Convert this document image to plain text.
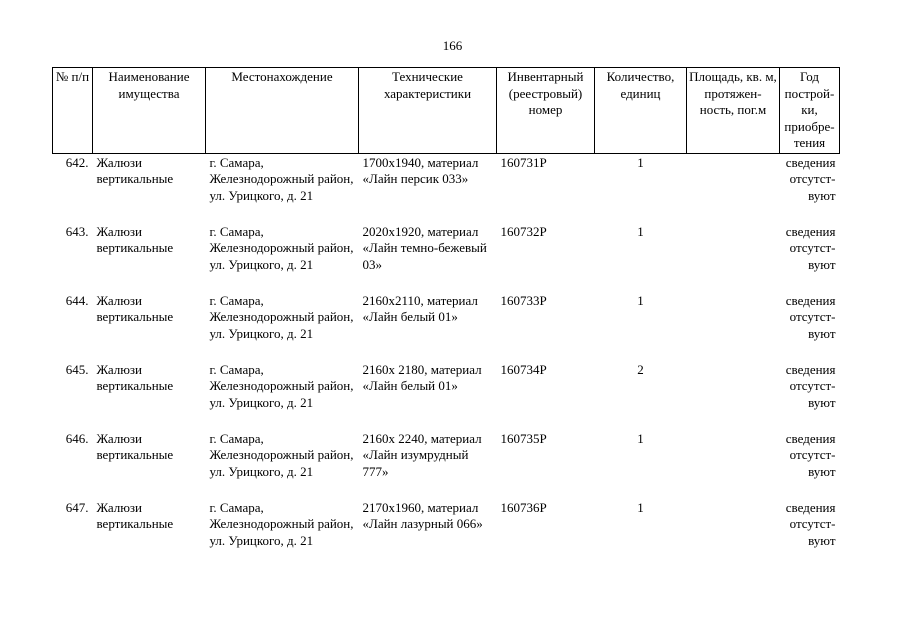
166
№ п/п	Наименование имущества	Местонахождение	Технические характеристики	Инвентарный (реестровый) номер	Количество, единиц	Площадь, кв. м, протяжен-ность, пог.м	Год построй-ки, приобре-тения
642.	Жалюзи вертикальные	г. Самара, Железнодорожный район, ул. Урицкого, д. 21	1700х1940, материал «Лайн персик 033»	160731Р	1		сведения отсутст-вуют
643.	Жалюзи вертикальные	г. Самара, Железнодорожный район, ул. Урицкого, д. 21	2020х1920, материал «Лайн темно-бежевый 03»	160732Р	1		сведения отсутст-вуют
644.	Жалюзи вертикальные	г. Самара, Железнодорожный район, ул. Урицкого, д. 21	2160х2110, материал «Лайн белый 01»	160733Р	1		сведения отсутст-вуют
645.	Жалюзи вертикальные	г. Самара, Железнодорожный район, ул. Урицкого, д. 21	2160х 2180, материал «Лайн белый 01»	160734Р	2		сведения отсутст-вуют
646.	Жалюзи вертикальные	г. Самара, Железнодорожный район, ул. Урицкого, д. 21	2160х 2240, материал «Лайн изумрудный 777»	160735Р	1		сведения отсутст-вуют
647.	Жалюзи вертикальные	г. Самара, Железнодорожный район, ул. Урицкого, д. 21	2170х1960, материал «Лайн лазурный 066»	160736Р	1		сведения отсутст-вуют
